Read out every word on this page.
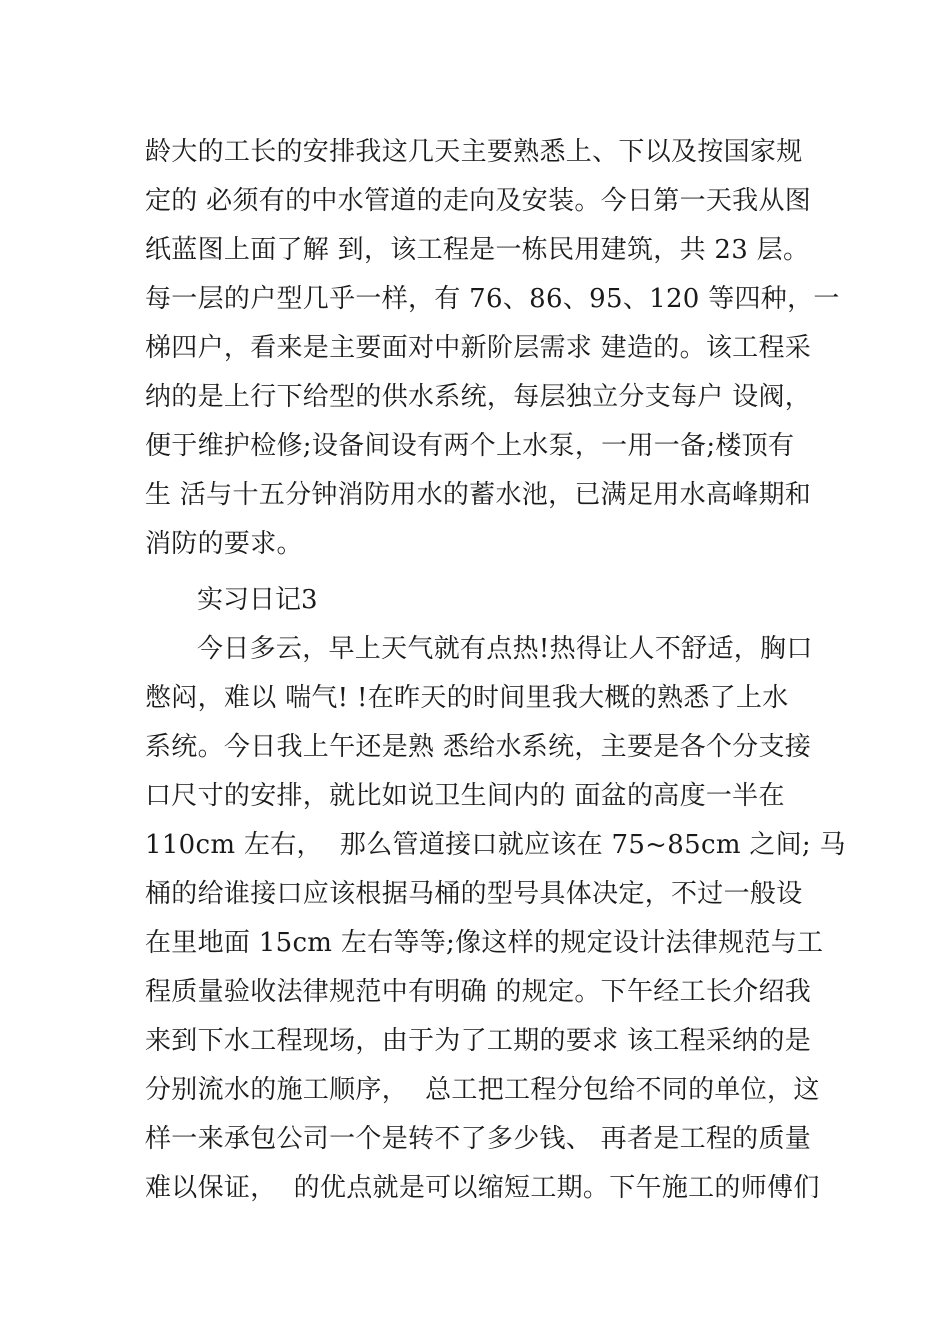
龄大的工长的安排我这几天主要熟悉上、下以及按国家规
定的 必须有的中水管道的走向及安装。今日第一天我从图
纸蓝图上面了解 到，该工程是一栋民用建筑，共 23 层。
每一层的户型几乎一样，有 76、86、95、120 等四种，一
梯四户，看来是主要面对中新阶层需求 建造的。该工程采
纳的是上行下给型的供水系统，每层独立分支每户 设阀，
便于维护检修;设备间设有两个上水泵，一用一备;楼顶有
生 活与十五分钟消防用水的蓄水池，已满足用水高峰期和
消防的要求。
实习日记3
今日多云，早上天气就有点热!热得让人不舒适，胸口
憋闷，难以 喘气! !在昨天的时间里我大概的熟悉了上水
系统。今日我上午还是熟 悉给水系统，主要是各个分支接
口尺寸的安排，就比如说卫生间内的 面盆的高度一半在
110cm 左右，  那么管道接口就应该在 75~85cm 之间; 马
桶的给谁接口应该根据马桶的型号具体决定，不过一般设
在里地面 15cm 左右等等;像这样的规定设计法律规范与工
程质量验收法律规范中有明确 的规定。下午经工长介绍我
来到下水工程现场，由于为了工期的要求 该工程采纳的是
分别流水的施工顺序，  总工把工程分包给不同的单位，这
样一来承包公司一个是转不了多少钱、 再者是工程的质量
难以保证，  的优点就是可以缩短工期。下午施工的师傅们
